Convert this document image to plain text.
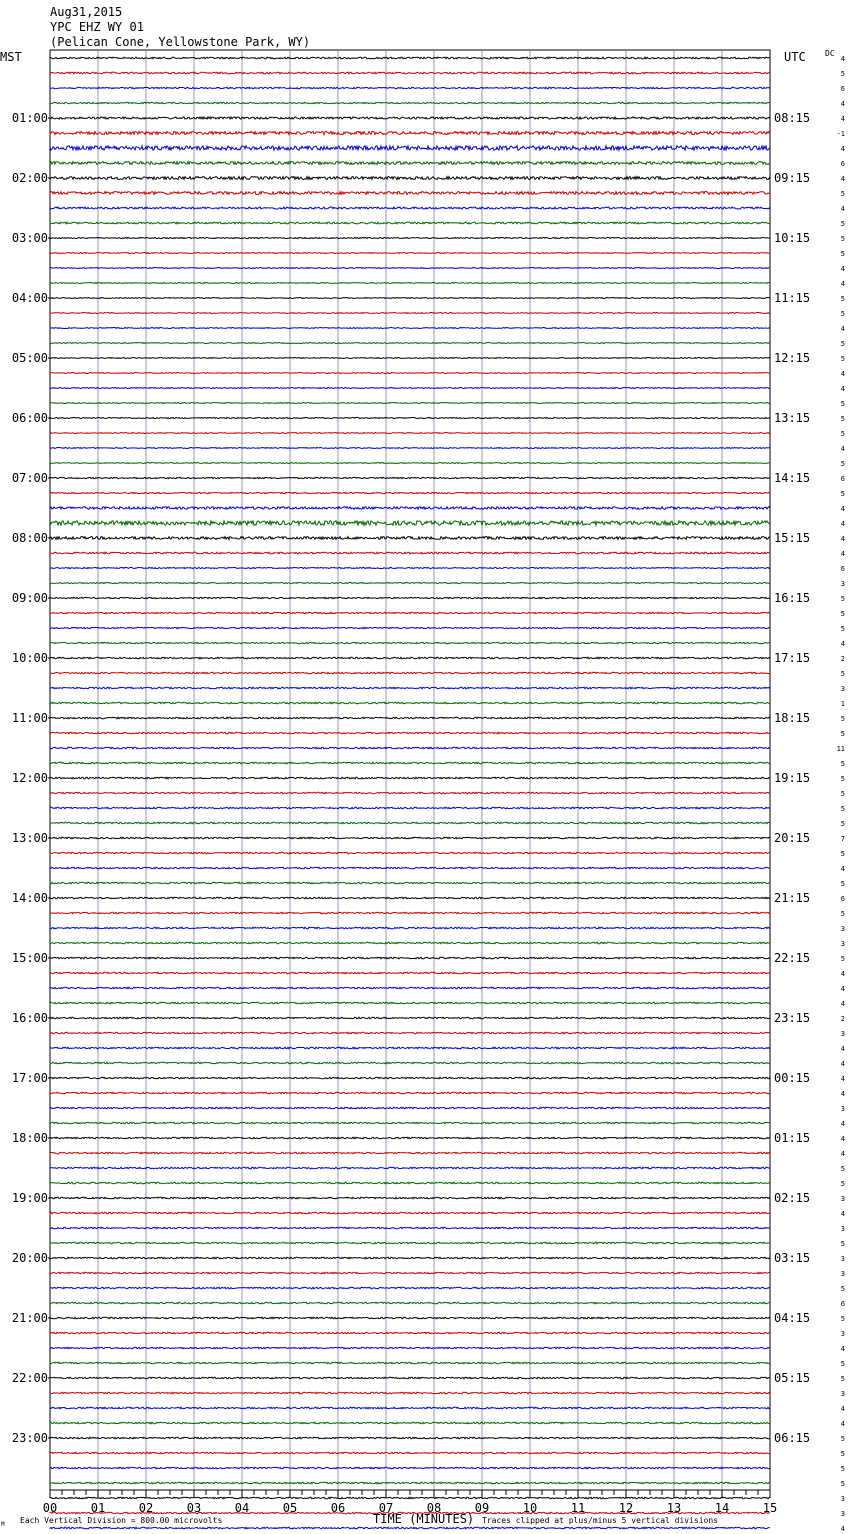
Aug31,2015
YPC EHZ WY 01
(Pelican Cone, Yellowstone Park, WY)
MST	UTC DC
01:00
02:00
03:00
04:00
05:00
06:00
07:00
08:00
09:00
10:00
11:00
12:00
13:00
14:00
15:00
16:00
17:00
18:00
19:00
20:00
21:00
22:00
23:00
08:15
09:15
10:15
11:15
12:15
13:15
14:15
15:15
16:15
17:15
18:15
19:15
20:15
21:15
22:15
23:15
00:15
01:15
02:15
03:15
04:15
05:15
06:15
4
5
6
4
4
-1
4
6
4
5
4
5
5
5
4
4
5
5
4
5
5
4
4
5
5
5
4
5
6
5
4
4
4
4
6
3
5
5
5
4
2
5
3
1
5
5
11
5
5
5
5
5
7
5
4
5
6
5
3
3
5
4
4
4
2
3
4
4
4
4
3
4
4
4
5
5
3
4
3
5
3
3
5
6
5
3
4
5
5
3
4
4
5
5
5
5
3
3
4
00	01	02	03	04	05	06	07	08	09	10	11	12	13	14	15
M Each Vertical Division = 800.00 microvolts	TIME (MINUTES) Traces clipped at plus/minus 5 vertical divisions
